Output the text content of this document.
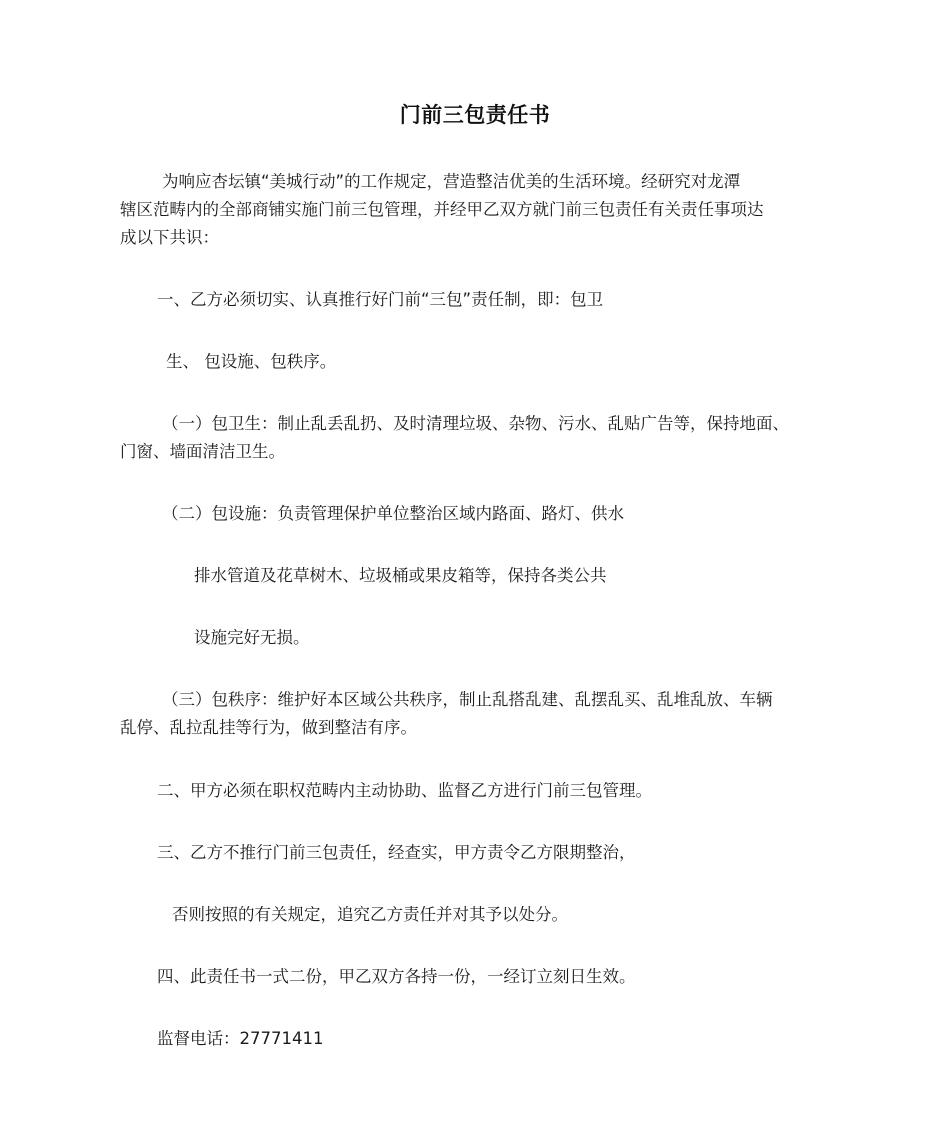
门前三包责任书
为响应杏坛镇“美城行动”的工作规定，营造整洁优美的生活环境。经研究对龙潭
辖区范畴内的全部商铺实施门前三包管理，并经甲乙双方就门前三包责任有关责任事项达
成以下共识：
一、乙方必须切实、认真推行好门前“三包”责任制，即：包卫
生、 包设施、包秩序。
（一）包卫生：制止乱丢乱扔、及时清理垃圾、杂物、污水、乱贴广告等，保持地面、
门窗、墙面清洁卫生。
（二）包设施：负责管理保护单位整治区域内路面、路灯、供水
排水管道及花草树木、垃圾桶或果皮箱等，保持各类公共
设施完好无损。
（三）包秩序：维护好本区域公共秩序，制止乱搭乱建、乱摆乱买、乱堆乱放、车辆
乱停、乱拉乱挂等行为，做到整洁有序。
二、甲方必须在职权范畴内主动协助、监督乙方进行门前三包管理。
三、乙方不推行门前三包责任，经查实，甲方责令乙方限期整治，
否则按照的有关规定，追究乙方责任并对其予以处分。
四、此责任书一式二份，甲乙双方各持一份，一经订立刻日生效。
监督电话：27771411
